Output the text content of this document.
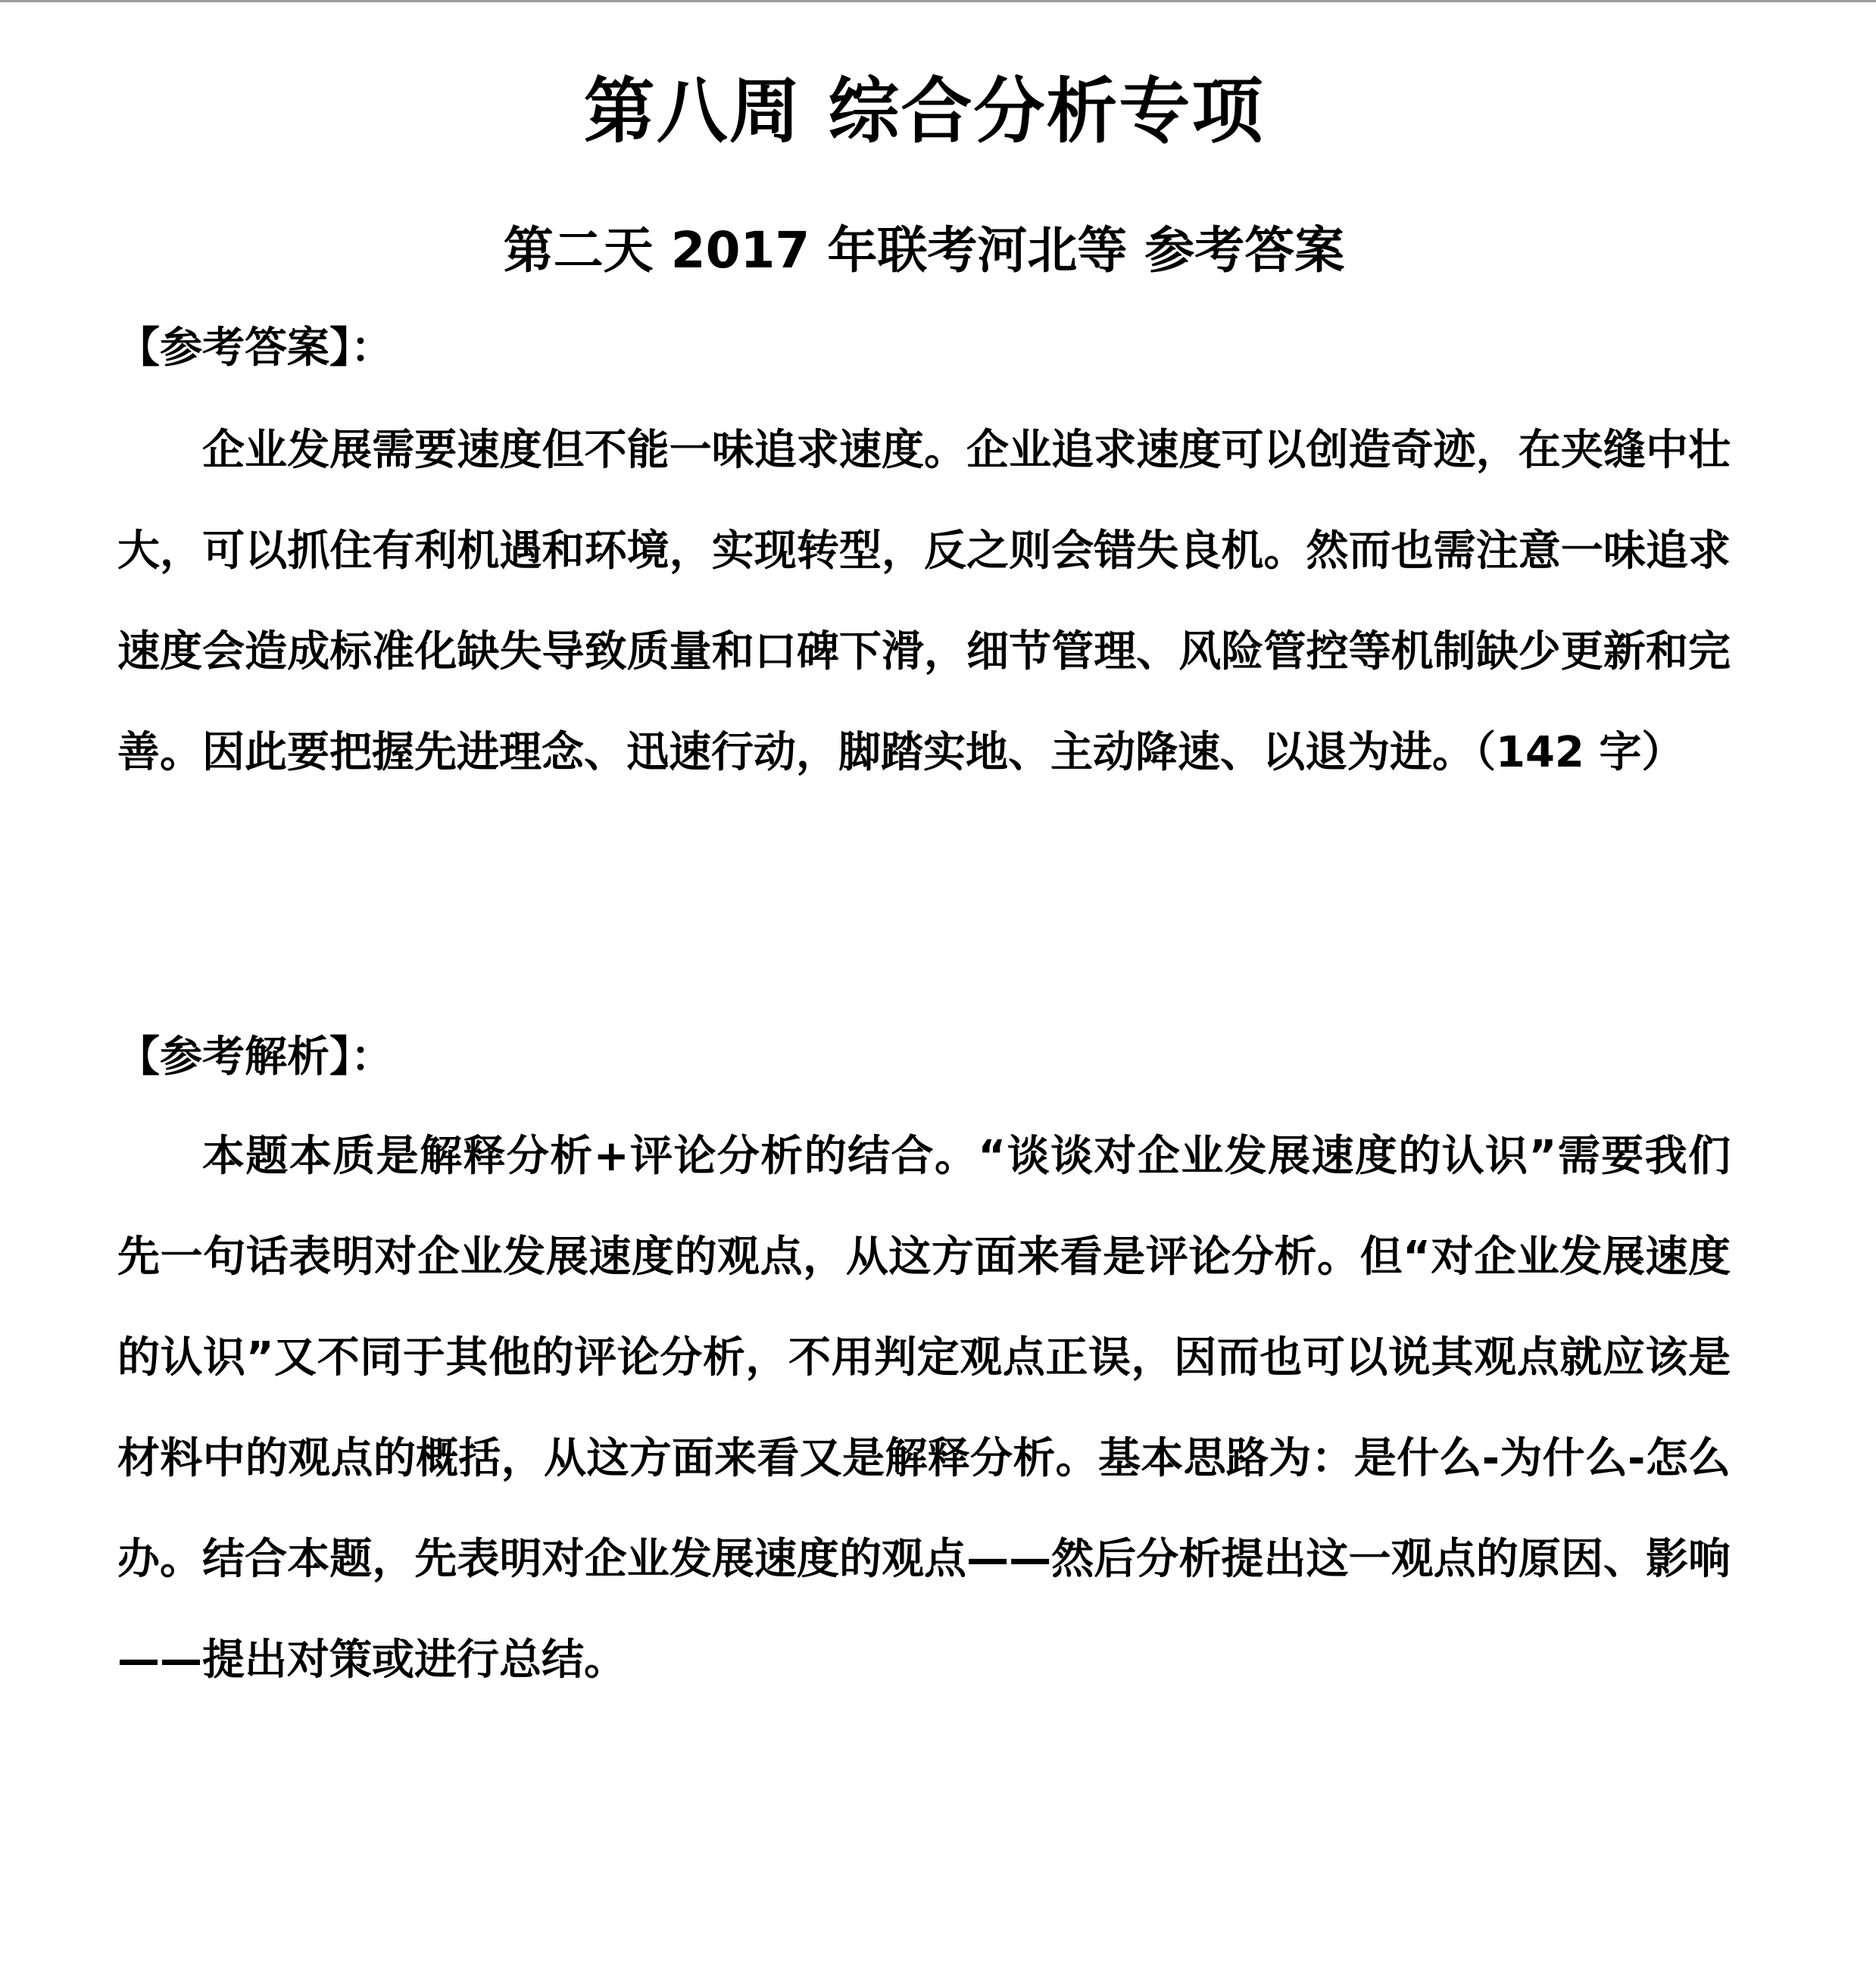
第八周 综合分析专项
第二天 2017 年联考河北等 参考答案
【参考答案】：
企业发展需要速度但不能一味追求速度。企业追求速度可以创造奇迹，在夹缝中壮大，可以抓住有利机遇和环境，实现转型，反之则会错失良机。然而也需注意一味追求速度会造成标准化缺失导致质量和口碑下滑，细节管理、风险管控等机制缺少更新和完善。因此要把握先进理念、迅速行动，脚踏实地、主动降速、以退为进。（142 字）
【参考解析】：
本题本质是解释分析+评论分析的结合。“谈谈对企业发展速度的认识”需要我们先一句话表明对企业发展速度的观点，从这方面来看是评论分析。但“对企业发展速度的认识”又不同于其他的评论分析，不用判定观点正误，因而也可以说其观点就应该是材料中的观点的概括，从这方面来看又是解释分析。基本思路为：是什么-为什么-怎么办。结合本题，先表明对企业发展速度的观点——然后分析提出这一观点的原因、影响——提出对策或进行总结。
